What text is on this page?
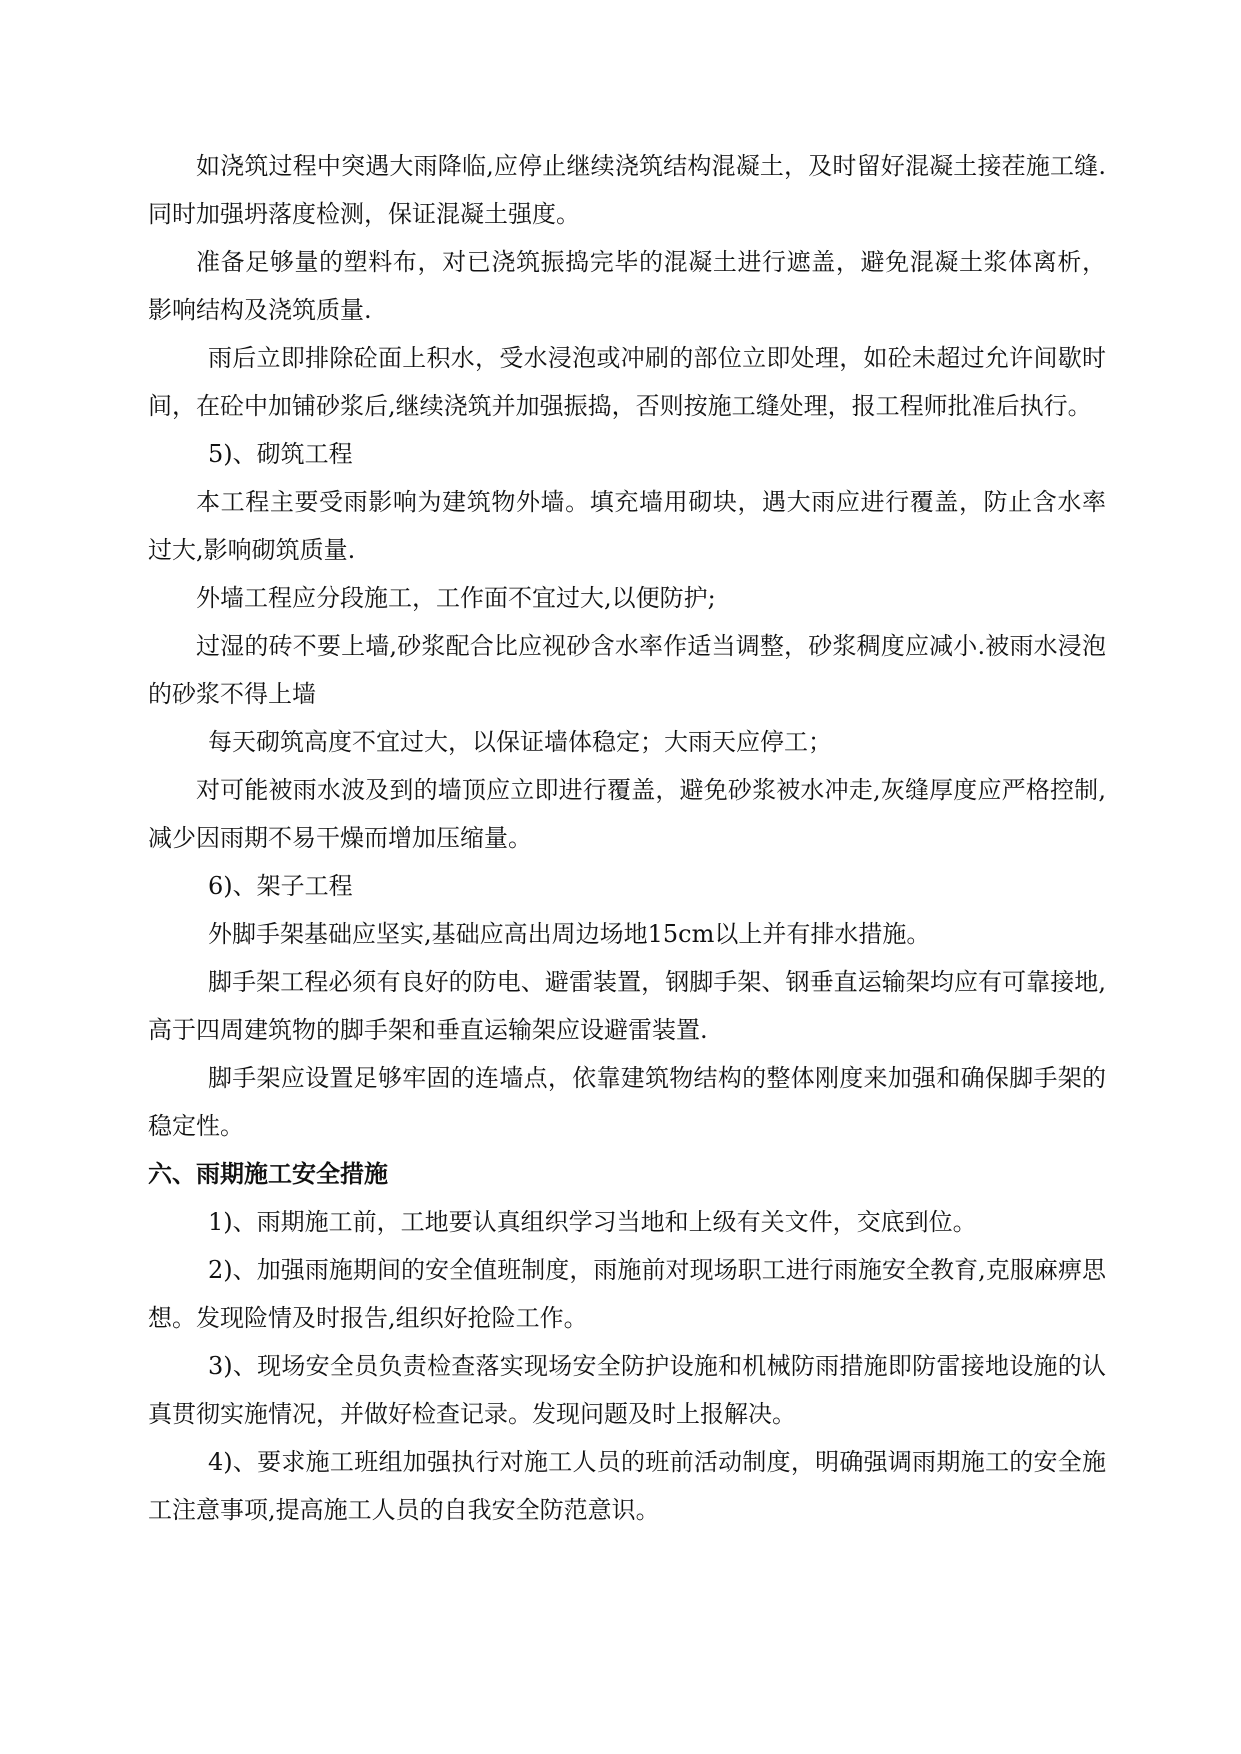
如浇筑过程中突遇大雨降临,应停止继续浇筑结构混凝土，及时留好混凝土接茬施工缝.同时加强坍落度检测，保证混凝土强度。

准备足够量的塑料布，对已浇筑振捣完毕的混凝土进行遮盖，避免混凝土浆体离析，影响结构及浇筑质量.

雨后立即排除砼面上积水，受水浸泡或冲刷的部位立即处理，如砼未超过允许间歇时间，在砼中加铺砂浆后,继续浇筑并加强振捣，否则按施工缝处理，报工程师批准后执行。

5)、砌筑工程

本工程主要受雨影响为建筑物外墙。填充墙用砌块，遇大雨应进行覆盖，防止含水率过大,影响砌筑质量.

外墙工程应分段施工，工作面不宜过大,以便防护;

过湿的砖不要上墙,砂浆配合比应视砂含水率作适当调整，砂浆稠度应减小.被雨水浸泡的砂浆不得上墙

每天砌筑高度不宜过大，以保证墙体稳定；大雨天应停工；

对可能被雨水波及到的墙顶应立即进行覆盖，避免砂浆被水冲走,灰缝厚度应严格控制,减少因雨期不易干燥而增加压缩量。

6)、架子工程

外脚手架基础应坚实,基础应高出周边场地15cm以上并有排水措施。

脚手架工程必须有良好的防电、避雷装置，钢脚手架、钢垂直运输架均应有可靠接地,高于四周建筑物的脚手架和垂直运输架应设避雷装置.

脚手架应设置足够牢固的连墙点，依靠建筑物结构的整体刚度来加强和确保脚手架的稳定性。

六、雨期施工安全措施

1)、雨期施工前，工地要认真组织学习当地和上级有关文件，交底到位。

2)、加强雨施期间的安全值班制度，雨施前对现场职工进行雨施安全教育,克服麻痹思想。发现险情及时报告,组织好抢险工作。

3)、现场安全员负责检查落实现场安全防护设施和机械防雨措施即防雷接地设施的认真贯彻实施情况，并做好检查记录。发现问题及时上报解决。

4)、要求施工班组加强执行对施工人员的班前活动制度，明确强调雨期施工的安全施工注意事项,提高施工人员的自我安全防范意识。
